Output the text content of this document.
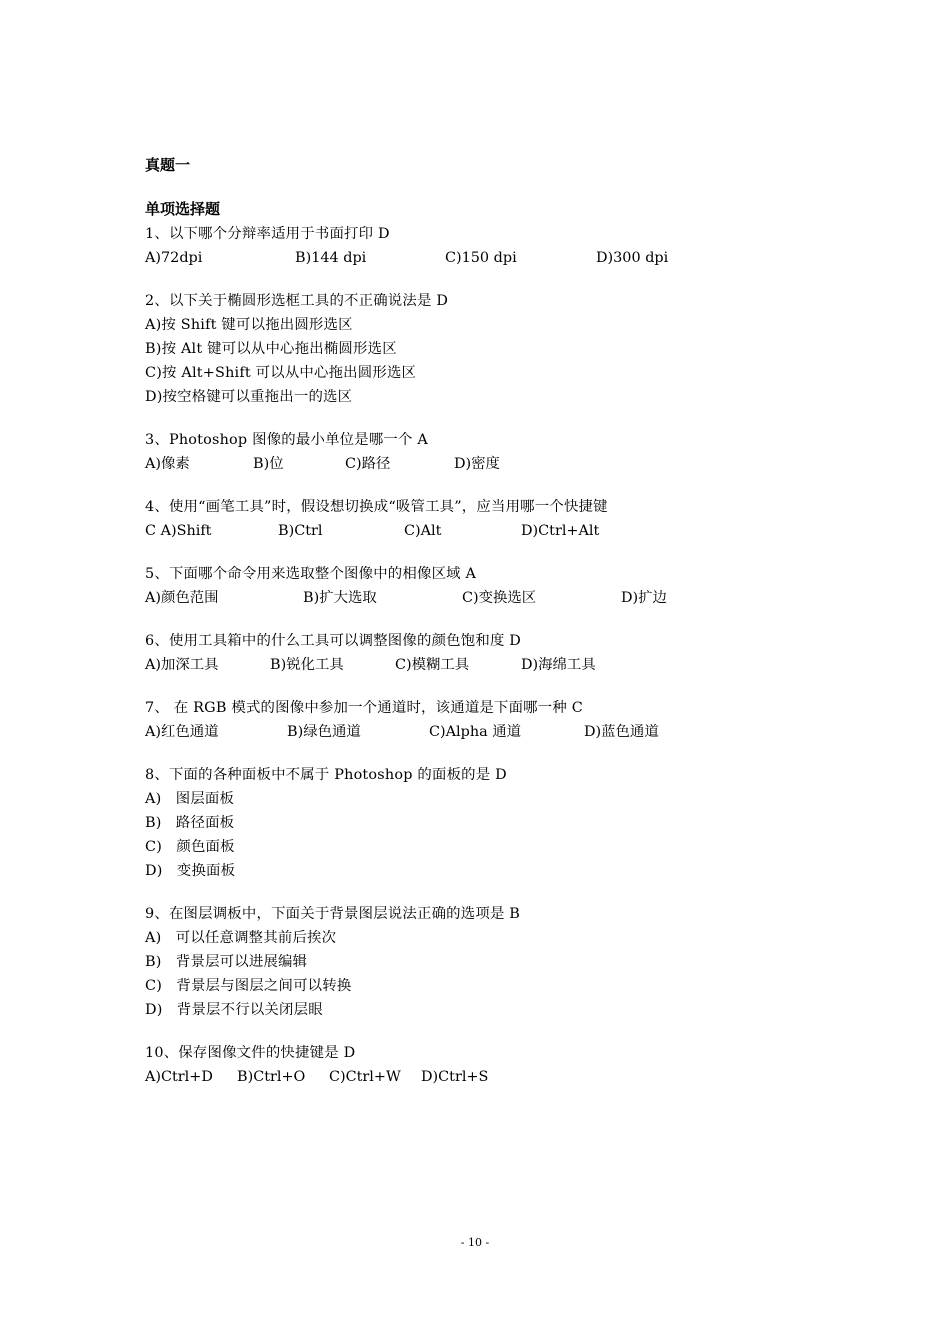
真题一
单项选择题
1、以下哪个分辩率适用于书面打印 D
A)72dpi	B)144 dpi	C)150 dpi	D)300 dpi
2、以下关于椭圆形选框工具的不正确说法是 D
A)按 Shift 键可以拖出圆形选区
B)按 Alt 键可以从中心拖出椭圆形选区
C)按 Alt+Shift 可以从中心拖出圆形选区
D)按空格键可以重拖出一的选区
3、Photoshop 图像的最小单位是哪一个 A
A)像素	B)位	C)路径	D)密度
4、使用“画笔工具”时，假设想切换成“吸管工具”，应当用哪一个快捷键
C A)Shift	B)Ctrl	C)Alt	D)Ctrl+Alt
5、下面哪个命令用来选取整个图像中的相像区域 A
A)颜色范围	B)扩大选取	C)变换选区	D)扩边
6、使用工具箱中的什么工具可以调整图像的颜色饱和度 D
A)加深工具	B)锐化工具	C)模糊工具	D)海绵工具
7、 在 RGB 模式的图像中参加一个通道时，该通道是下面哪一种 C
A)红色通道	B)绿色通道	C)Alpha 通道	D)蓝色通道
8、下面的各种面板中不属于 Photoshop 的面板的是 D
A)   图层面板
B)   路径面板
C)   颜色面板
D)   变换面板
9、在图层调板中，下面关于背景图层说法正确的选项是 B
A)   可以任意调整其前后挨次
B)   背景层可以进展编辑
C)   背景层与图层之间可以转换
D)   背景层不行以关闭层眼
10、保存图像文件的快捷键是 D
A)Ctrl+D	B)Ctrl+O	C)Ctrl+W	D)Ctrl+S
- 10 -
